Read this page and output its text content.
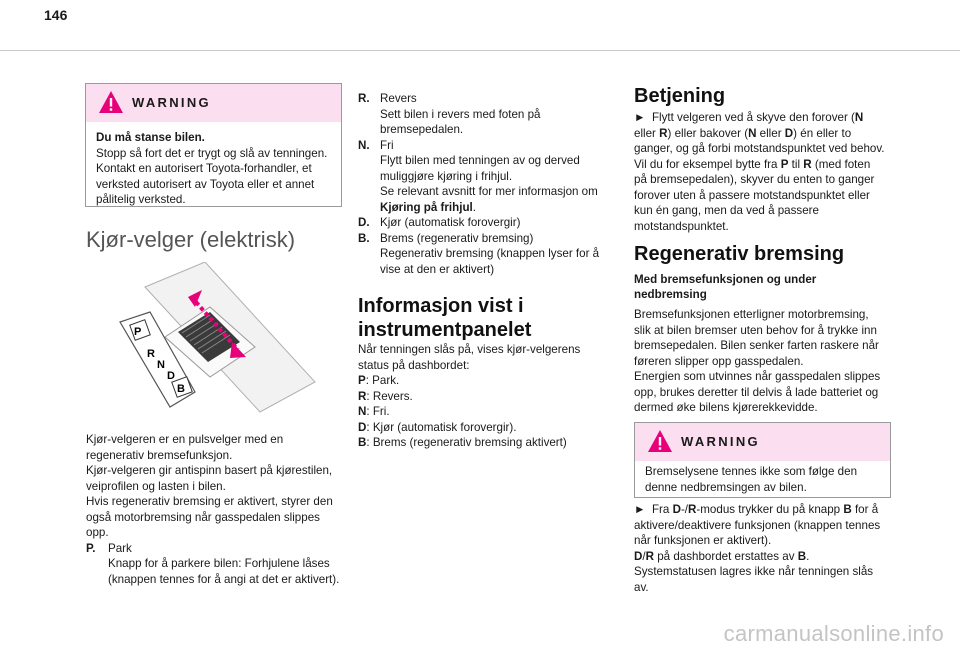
146
WARNING

Du må stanse bilen.

Stopp så fort det er trygt og slå av tenningen. Kontakt en autorisert Toyota-forhandler, et verksted autorisert av Toyota eller et annet pålitelig verksted.

Kjør-velger (elektrisk)
P
R
N
D
B

Kjør-velgeren er en pulsvelger med en regenerativ bremsefunksjon.

Kjør-velgeren gir antispinn basert på kjørestilen, veiprofilen og lasten i bilen.

Hvis regenerativ bremsing er aktivert, styrer den også motorbremsing når gasspedalen slippes opp.

P.	Park
Knapp for å parkere bilen: Forhjulene låses (knappen tennes for å angi at det er aktivert).
R. Revers
Sett bilen i revers med foten på bremsepedalen.
N. Fri
Flytt bilen med tenningen av og derved muliggjøre kjøring i frihjul.
Se relevant avsnitt for mer informasjon om Kjøring på frihjul.
D. Kjør (automatisk forovergir)
B. Brems (regenerativ bremsing)
Regenerativ bremsing (knappen lyser for å vise at den er aktivert)
Informasjon vist i instrumentpanelet

Når tenningen slås på, vises kjør-velgerens status på dashbordet:

P: Park.

R: Revers.

N: Fri.

D: Kjør (automatisk forovergir).

B: Brems (regenerativ bremsing aktivert)

Betjening

► Flytt velgeren ved å skyve den forover (N eller R) eller bakover (N eller D) én eller to ganger, og gå forbi motstandspunktet ved behov.

Vil du for eksempel bytte fra P til R (med foten på bremsepedalen), skyver du enten to ganger forover uten å passere motstandspunktet eller kun én gang, men da ved å passere motstandspunktet.

Regenerativ bremsing
Med bremsefunksjonen og under nedbremsing

Bremsefunksjonen etterligner motorbremsing, slik at bilen bremser uten behov for å trykke inn bremsepedalen. Bilen senker farten raskere når føreren slipper opp gasspedalen.

Energien som utvinnes når gasspedalen slippes opp, brukes deretter til delvis å lade batteriet og dermed øke bilens kjørerekkevidde.

WARNING

Bremselysene tennes ikke som følge den denne nedbremsingen av bilen.

► Fra D-/R-modus trykker du på knapp B for å aktivere/deaktivere funksjonen (knappen tennes når funksjonen er aktivert).

D/R på dashbordet erstattes av B.

Systemstatusen lagres ikke når tenningen slås av.

carmanualsonline.info
